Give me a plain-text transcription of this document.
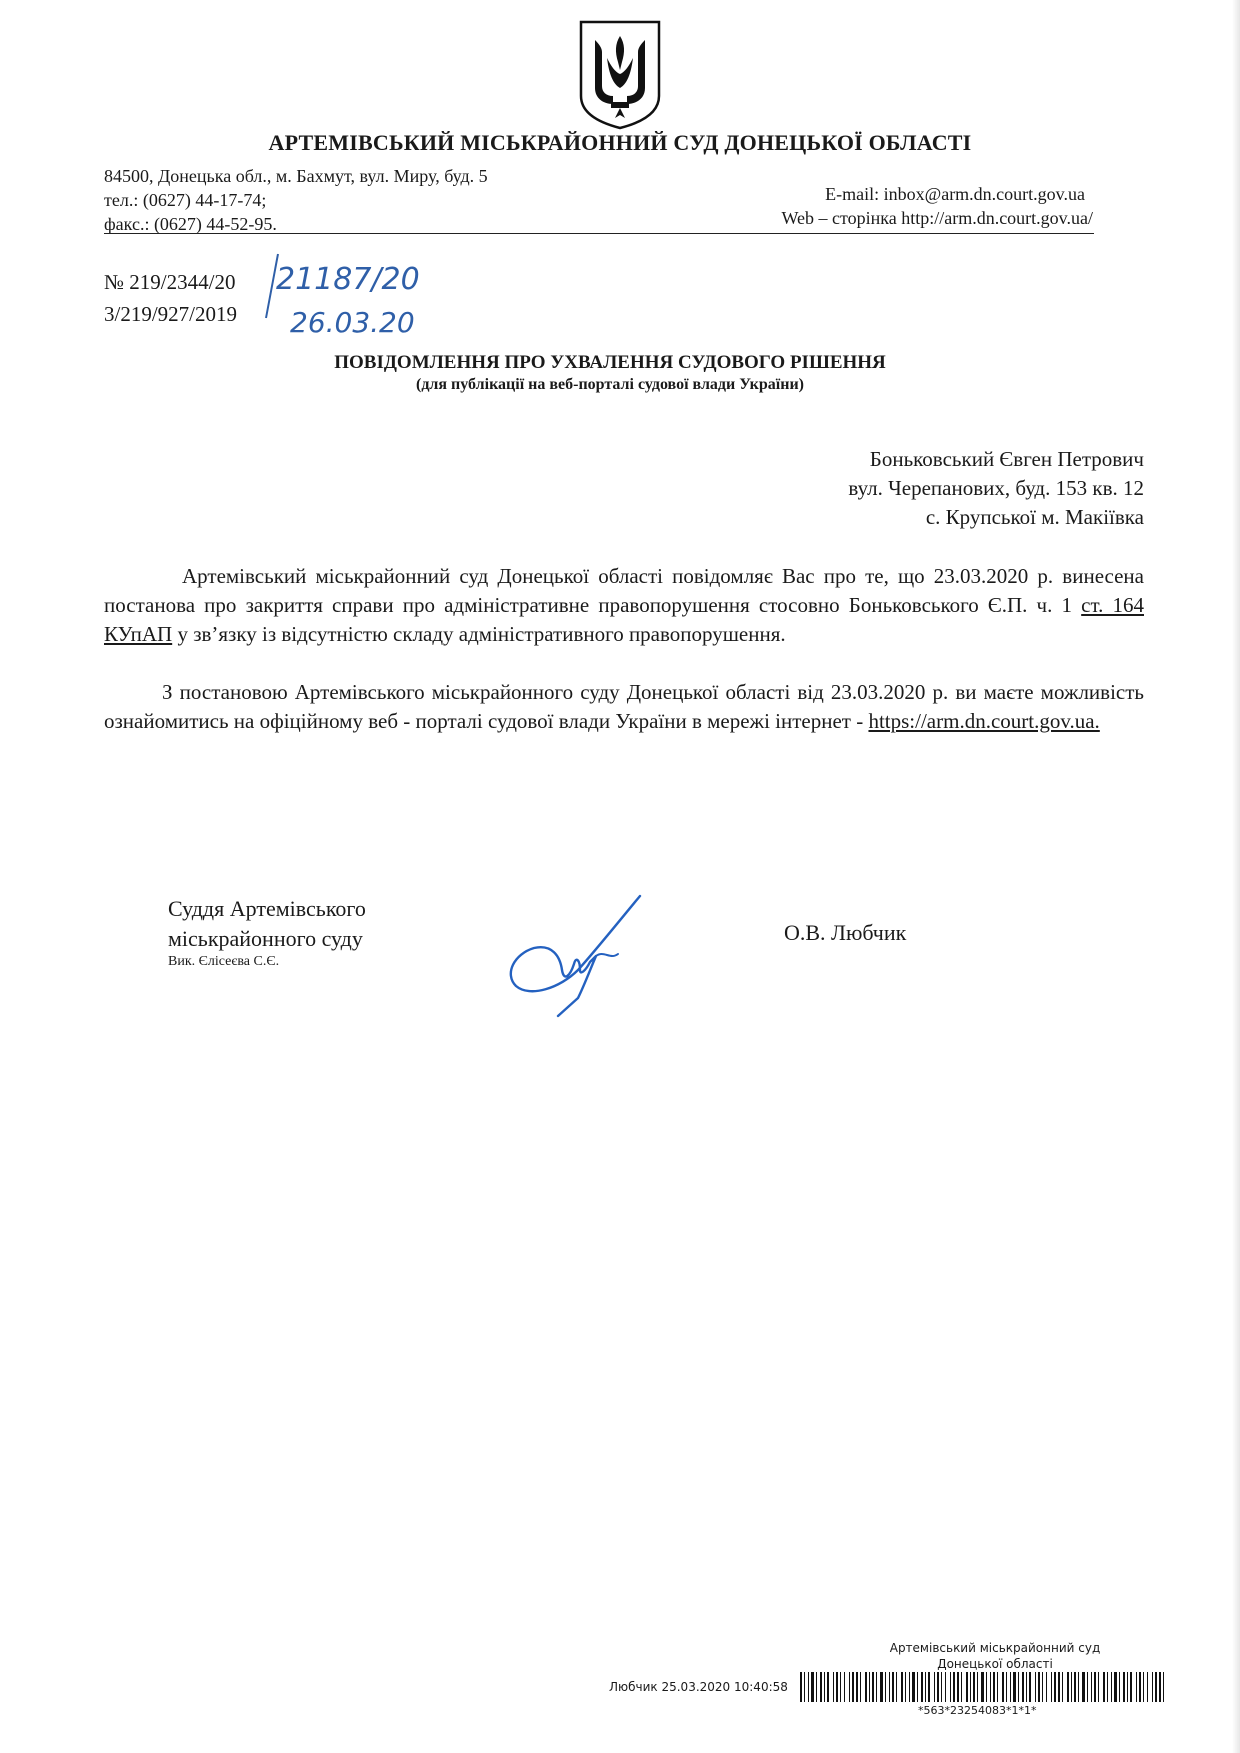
АРТЕМІВСЬКИЙ МІСЬКРАЙОННИЙ СУД ДОНЕЦЬКОЇ ОБЛАСТІ
84500, Донецька обл., м. Бахмут, вул. Миру, буд. 5
тел.: (0627) 44-17-74;
факс.: (0627) 44-52-95.
E-mail: inbox@arm.dn.court.gov.ua
Web – сторінка http://arm.dn.court.gov.ua/
№ 219/2344/20
3/219/927/2019
21187/20
26.03.20
ПОВІДОМЛЕННЯ ПРО УХВАЛЕННЯ СУДОВОГО РІШЕННЯ
(для публікації на веб-порталі судової влади України)
Боньковський Євген Петрович
вул. Черепанових, буд. 153 кв. 12
с. Крупської м. Макіївка
Артемівський міськрайонний суд Донецької області повідомляє Вас про те, що 23.03.2020 р. винесена постанова про закриття справи про адміністративне правопорушення стосовно Боньковського Є.П. ч. 1 ст. 164 КУпАП у зв’язку із відсутністю складу адміністративного правопорушення.
З постановою Артемівського міськрайонного суду Донецької області від 23.03.2020 р. ви маєте можливість ознайомитись на офіційному веб - порталі судової влади України в мережі інтернет - https://arm.dn.court.gov.ua.
Суддя Артемівського
міськрайонного суду
Вик. Єлісеєва С.Є.
О.В. Любчик
Артемівський міськрайонний суд
Донецької області
Любчик 25.03.2020 10:40:58
*563*23254083*1*1*
